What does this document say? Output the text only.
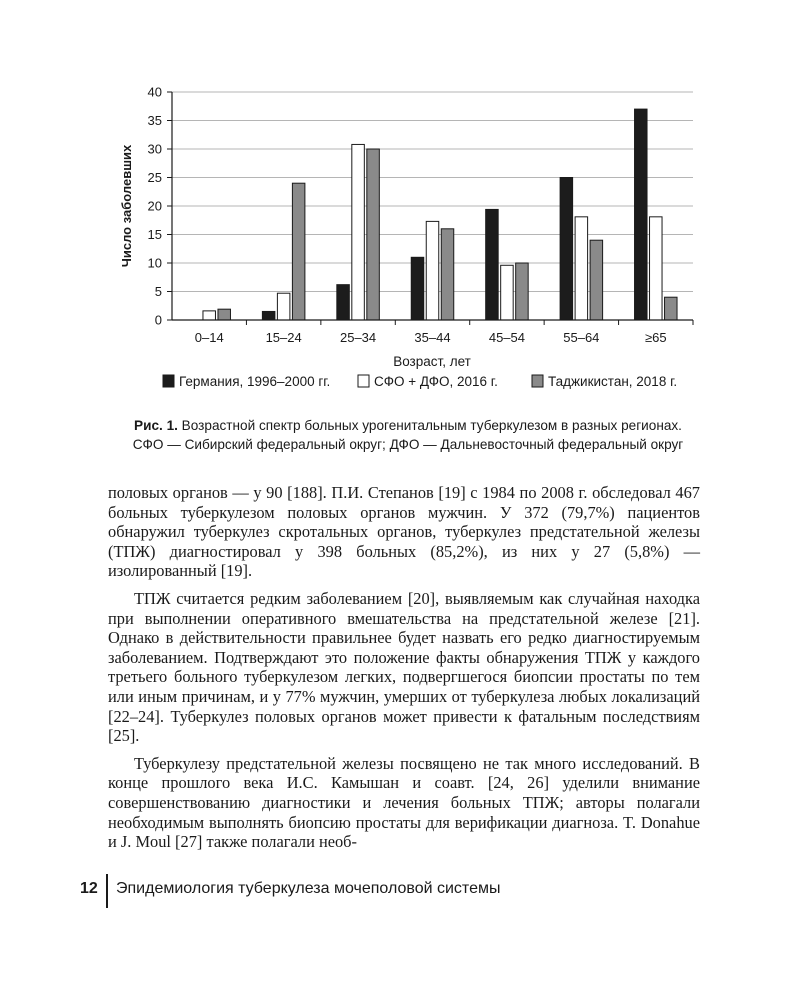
0
5
10
15
20
25
30
35
40
0–14	15–24	25–34	35–44	45–54	55–64	≥65
Число заболевших
Возраст, лет
Германия, 1996–2000 гг.	СФО + ДФО, 2016 г.	Таджикистан, 2018 г.
Рис. 1. Возрастной спектр больных урогенитальным туберкулезом в разных регионах. СФО — Сибирский федеральный округ; ДФО — Дальневосточный федеральный округ

половых органов — у 90 [188]. П.И. Степанов [19] с 1984 по 2008 г. обследовал 467 больных туберкулезом половых органов мужчин. У 372 (79,7%) пациентов обнаружил туберкулез скротальных органов, туберкулез предстательной железы (ТПЖ) диагностировал у 398 больных (85,2%), из них у 27 (5,8%) — изолированный [19].

ТПЖ считается редким заболеванием [20], выявляемым как случайная находка при выполнении оперативного вмешательства на предстательной железе [21]. Однако в действительности правильнее будет назвать его редко диагностируемым заболеванием. Подтверждают это положение факты обнаружения ТПЖ у каждого третьего больного туберкулезом легких, подвергшегося биопсии простаты по тем или иным причинам, и у 77% мужчин, умерших от туберкулеза любых локализаций [22–24]. Туберкулез половых органов может привести к фатальным последствиям [25].

Туберкулезу предстательной железы посвящено не так много исследований. В конце прошлого века И.С. Камышан и соавт. [24, 26] уделили внимание совершенствованию диагностики и лечения больных ТПЖ; авторы полагали необходимым выполнять биопсию простаты для верификации диагноза. T. Donahue и J. Moul [27] также полагали необ-

12 Эпидемиология туберкулеза мочеполовой системы
